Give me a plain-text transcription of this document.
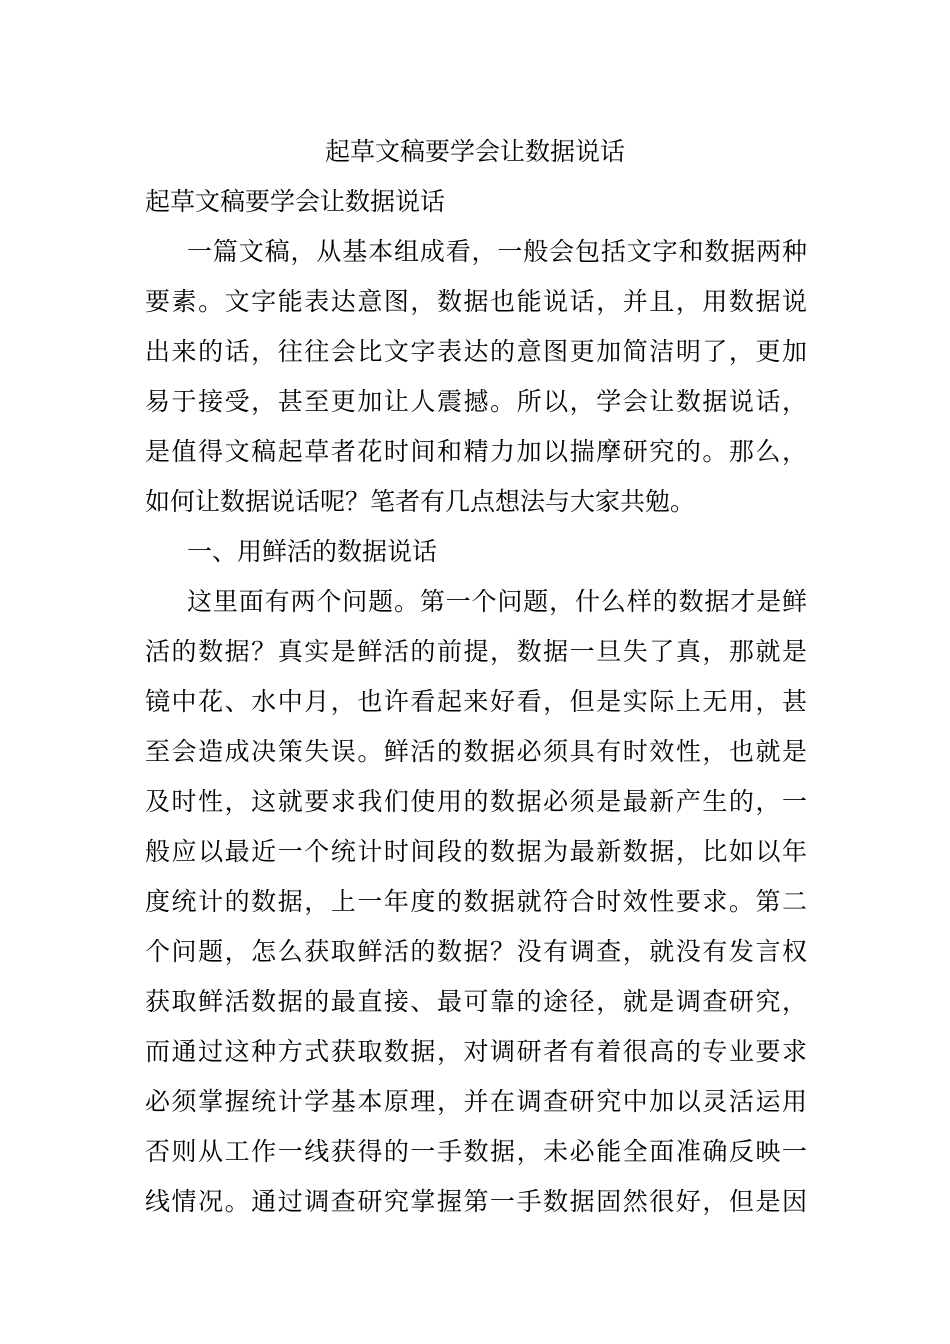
起草文稿要学会让数据说话
起草文稿要学会让数据说话
一篇文稿，从基本组成看，一般会包括文字和数据两种
要素。文字能表达意图，数据也能说话，并且，用数据说
出来的话，往往会比文字表达的意图更加简洁明了，更加
易于接受，甚至更加让人震撼。所以，学会让数据说话，
是值得文稿起草者花时间和精力加以揣摩研究的。那么，
如何让数据说话呢？笔者有几点想法与大家共勉。
一、用鲜活的数据说话
这里面有两个问题。第一个问题，什么样的数据才是鲜
活的数据？真实是鲜活的前提，数据一旦失了真，那就是
镜中花、水中月，也许看起来好看，但是实际上无用，甚
至会造成决策失误。鲜活的数据必须具有时效性，也就是
及时性，这就要求我们使用的数据必须是最新产生的，一
般应以最近一个统计时间段的数据为最新数据，比如以年
度统计的数据，上一年度的数据就符合时效性要求。第二
个问题，怎么获取鲜活的数据？没有调查，就没有发言权
获取鲜活数据的最直接、最可靠的途径，就是调查研究，
而通过这种方式获取数据，对调研者有着很高的专业要求
必须掌握统计学基本原理，并在调查研究中加以灵活运用
否则从工作一线获得的一手数据，未必能全面准确反映一
线情况。通过调查研究掌握第一手数据固然很好，但是因
